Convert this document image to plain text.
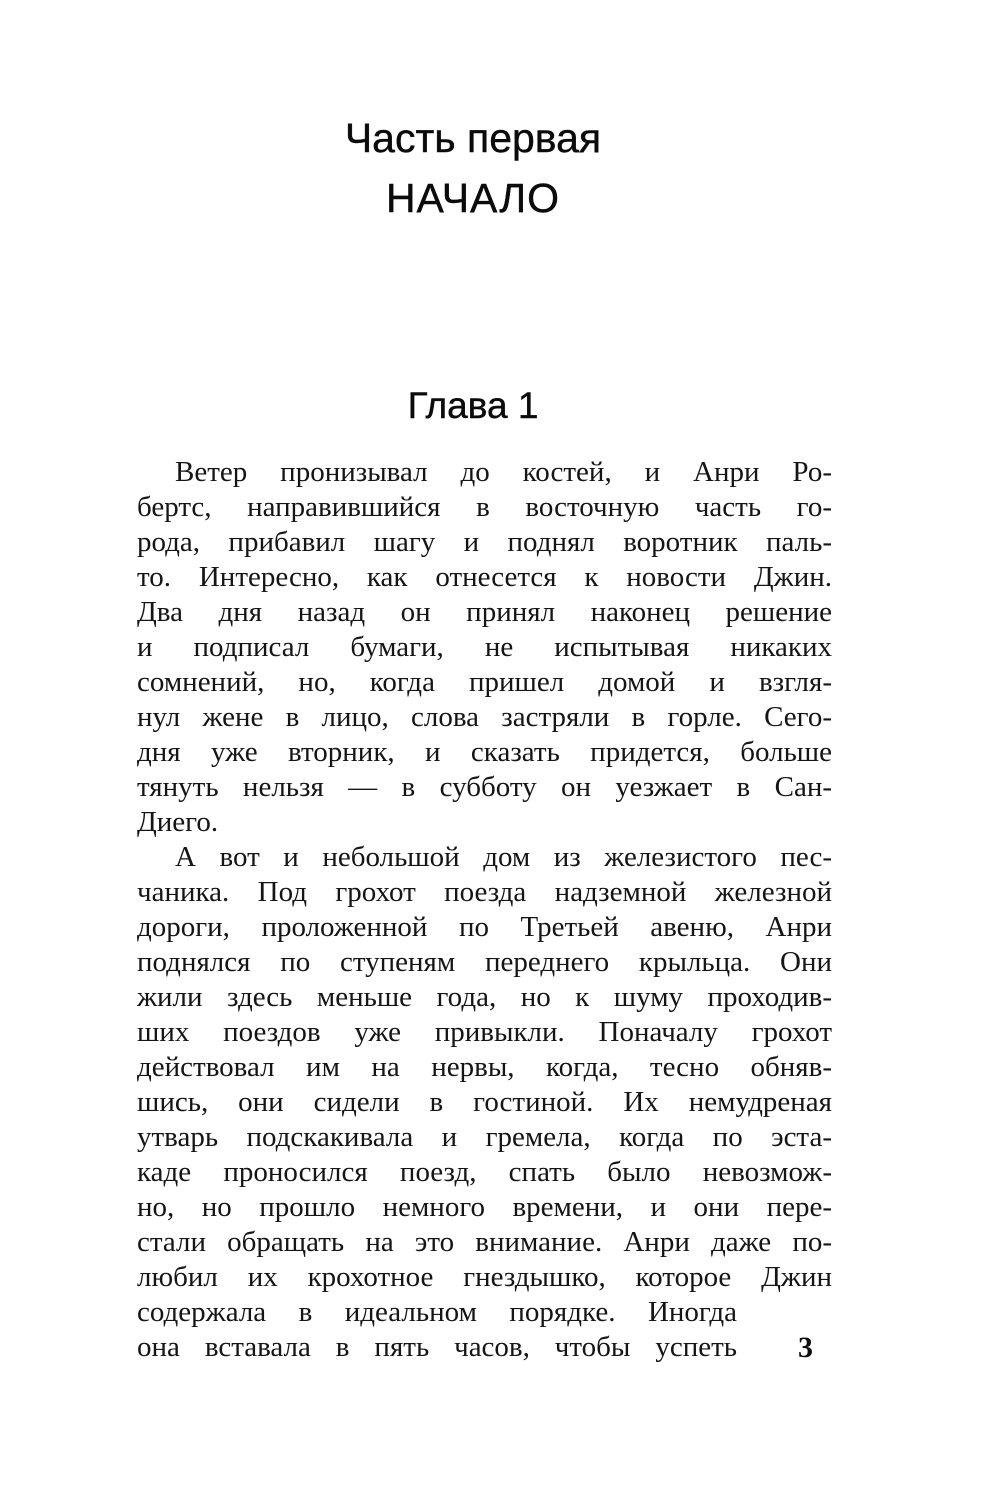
Часть первая
НАЧАЛО
Глава 1
Ветер пронизывал до костей, и Анри Ро-
бертс, направившийся в восточную часть го-
рода, прибавил шагу и поднял воротник паль-
то. Интересно, как отнесется к новости Джин.
Два дня назад он принял наконец решение
и подписал бумаги, не испытывая никаких
сомнений, но, когда пришел домой и взгля-
нул жене в лицо, слова застряли в горле. Сего-
дня уже вторник, и сказать придется, больше
тянуть нельзя — в субботу он уезжает в Сан-
Диего.
А вот и небольшой дом из железистого пес-
чаника. Под грохот поезда надземной железной
дороги, проложенной по Третьей авеню, Анри
поднялся по ступеням переднего крыльца. Они
жили здесь меньше года, но к шуму проходив-
ших поездов уже привыкли. Поначалу грохот
действовал им на нервы, когда, тесно обняв-
шись, они сидели в гостиной. Их немудреная
утварь подскакивала и гремела, когда по эста-
каде проносился поезд, спать было невозмож-
но, но прошло немного времени, и они пере-
стали обращать на это внимание. Анри даже по-
любил их крохотное гнездышко, которое Джин
содержала в идеальном порядке. Иногда
она вставала в пять часов, чтобы успеть 3
